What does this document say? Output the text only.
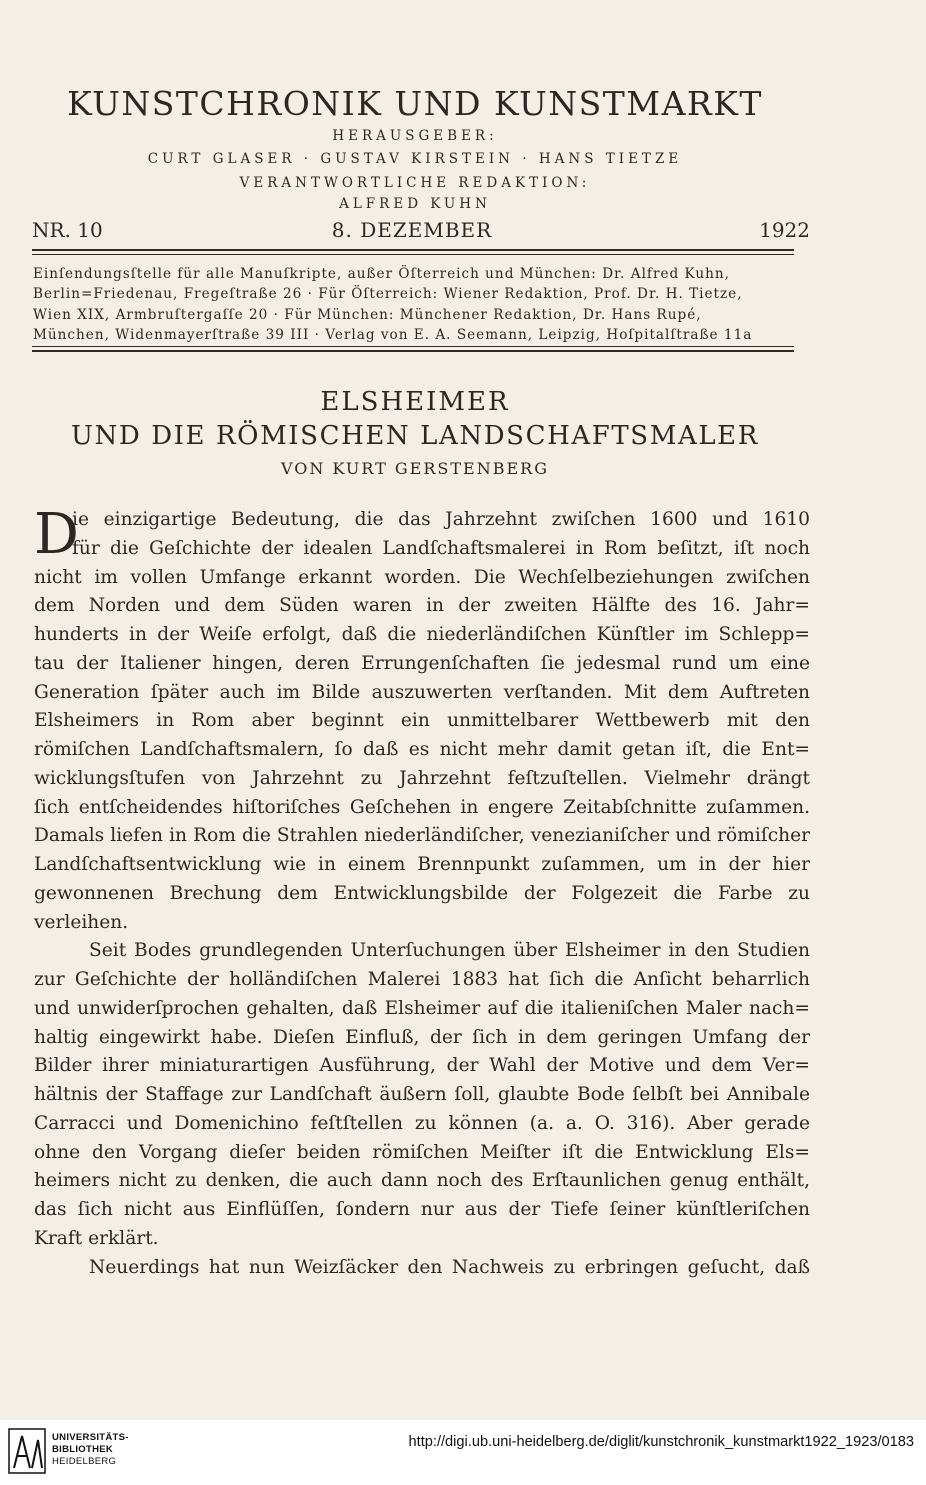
KUNSTCHRONIK UND KUNSTMARKT
HERAUSGEBER:
CURT GLASER · GUSTAV KIRSTEIN · HANS TIETZE
VERANTWORTLICHE REDAKTION:
ALFRED KUHN
NR. 10	8. DEZEMBER	1922
Einſendungsſtelle für alle Manuſkripte, außer Öſterreich und München: Dr. Alfred Kuhn,
Berlin=Friedenau, Fregeſtraße 26 · Für Öſterreich: Wiener Redaktion, Prof. Dr. H. Tietze,
Wien XIX, Armbruſtergaſſe 20 · Für München: Münchener Redaktion, Dr. Hans Rupé,
München, Widenmayerſtraße 39 III · Verlag von E. A. Seemann, Leipzig, Hoſpitalſtraße 11a
ELSHEIMER
UND DIE RÖMISCHEN LANDSCHAFTSMALER
VON KURT GERSTENBERG
D
ie einzigartige Bedeutung, die das Jahrzehnt zwiſchen 1600 und 1610
für die Geſchichte der idealen Landſchaftsmalerei in Rom beſitzt, iſt noch
nicht im vollen Umfange erkannt worden. Die Wechſelbeziehungen zwiſchen
dem Norden und dem Süden waren in der zweiten Hälfte des 16. Jahr=
hunderts in der Weiſe erfolgt, daß die niederländiſchen Künſtler im Schlepp=
tau der Italiener hingen, deren Errungenſchaften ſie jedesmal rund um eine
Generation ſpäter auch im Bilde auszuwerten verſtanden. Mit dem Auftreten
Elsheimers in Rom aber beginnt ein unmittelbarer Wettbewerb mit den
römiſchen Landſchaftsmalern, ſo daß es nicht mehr damit getan iſt, die Ent=
wicklungsſtufen von Jahrzehnt zu Jahrzehnt feſtzuſtellen. Vielmehr drängt
ſich entſcheidendes hiſtoriſches Geſchehen in engere Zeitabſchnitte zuſammen.
Damals liefen in Rom die Strahlen niederländiſcher, venezianiſcher und römiſcher
Landſchaftsentwicklung wie in einem Brennpunkt zuſammen, um in der hier
gewonnenen Brechung dem Entwicklungsbilde der Folgezeit die Farbe zu
verleihen.
Seit Bodes grundlegenden Unterſuchungen über Elsheimer in den Studien
zur Geſchichte der holländiſchen Malerei 1883 hat ſich die Anſicht beharrlich
und unwiderſprochen gehalten, daß Elsheimer auf die italieniſchen Maler nach=
haltig eingewirkt habe. Dieſen Einfluß, der ſich in dem geringen Umfang der
Bilder ihrer miniaturartigen Ausführung, der Wahl der Motive und dem Ver=
hältnis der Staffage zur Landſchaft äußern ſoll, glaubte Bode ſelbſt bei Annibale
Carracci und Domenichino feſtſtellen zu können (a. a. O. 316). Aber gerade
ohne den Vorgang dieſer beiden römiſchen Meiſter iſt die Entwicklung Els=
heimers nicht zu denken, die auch dann noch des Erſtaunlichen genug enthält,
das ſich nicht aus Einflüſſen, ſondern nur aus der Tiefe ſeiner künſtleriſchen
Kraft erklärt.
Neuerdings hat nun Weizſäcker den Nachweis zu erbringen geſucht, daß
UNIVERSITÄTS-
BIBLIOTHEK
HEIDELBERG
http://digi.ub.uni-heidelberg.de/diglit/kunstchronik_kunstmarkt1922_1923/0183
